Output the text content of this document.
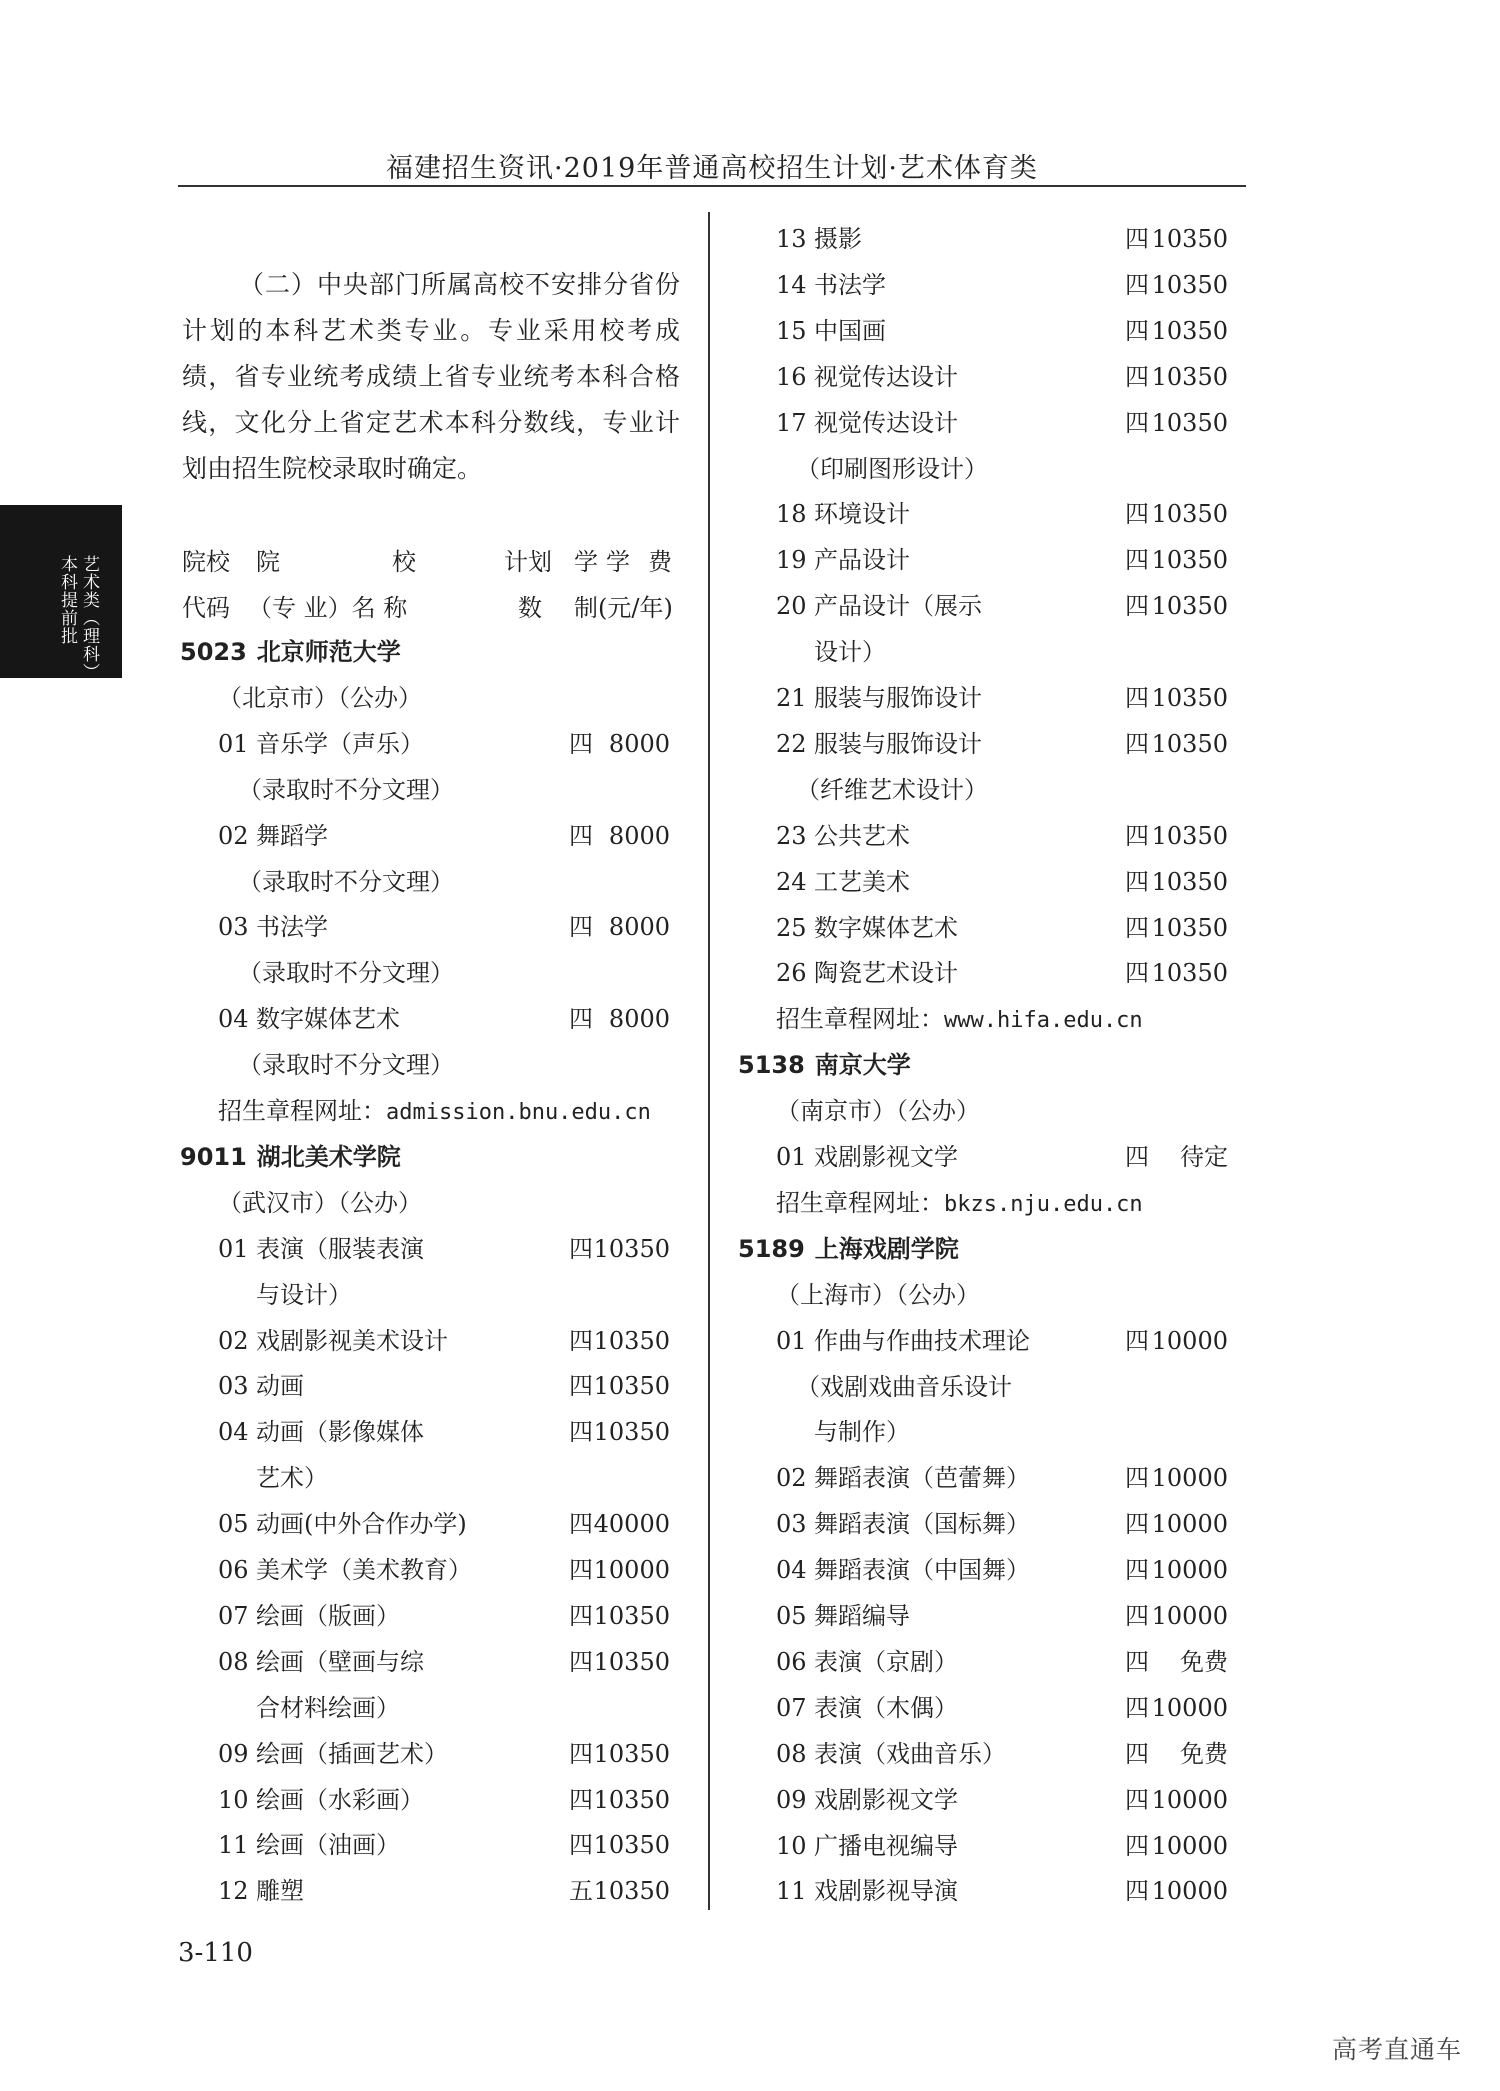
福建招生资讯·2019年普通高校招生计划·艺术体育类
艺术类（理科）
本科提前批
（二）中央部门所属高校不安排分省份计划的本科艺术类专业。专业采用校考成绩，省专业统考成绩上省专业统考本科合格线，文化分上省定艺术本科分数线，专业计划由招生院校录取时确定。
院校 院	校	计划 学 学 费
代码 （专 业）名 称	数 制(元/年)
5023 北京师范大学
（北京市）（公办）
01 音乐学（声乐）	四 8000
（录取时不分文理）
02 舞蹈学	四 8000
（录取时不分文理）
03 书法学	四 8000
（录取时不分文理）
04 数字媒体艺术	四 8000
（录取时不分文理）
招生章程网址：admission.bnu.edu.cn
9011 湖北美术学院
（武汉市）（公办）
01 表演（服装表演	四 10350
与设计）
02 戏剧影视美术设计	四 10350
03 动画	四 10350
04 动画（影像媒体	四 10350
艺术）
05 动画(中外合作办学)	四 40000
06 美术学（美术教育）	四 10000
07 绘画（版画）	四 10350
08 绘画（壁画与综	四 10350
合材料绘画）
09 绘画（插画艺术）	四 10350
10 绘画（水彩画）	四 10350
11 绘画（油画）	四 10350
12 雕塑	五 10350
13 摄影	四 10350
14 书法学	四 10350
15 中国画	四 10350
16 视觉传达设计	四 10350
17 视觉传达设计	四 10350
（印刷图形设计）
18 环境设计	四 10350
19 产品设计	四 10350
20 产品设计（展示	四 10350
设计）
21 服装与服饰设计	四 10350
22 服装与服饰设计	四 10350
（纤维艺术设计）
23 公共艺术	四 10350
24 工艺美术	四 10350
25 数字媒体艺术	四 10350
26 陶瓷艺术设计	四 10350
招生章程网址：www.hifa.edu.cn
5138 南京大学
（南京市）（公办）
01 戏剧影视文学	四	待定
招生章程网址：bkzs.nju.edu.cn
5189 上海戏剧学院
（上海市）（公办）
01 作曲与作曲技术理论	四 10000
（戏剧戏曲音乐设计
与制作）
02 舞蹈表演（芭蕾舞）	四 10000
03 舞蹈表演（国标舞）	四 10000
04 舞蹈表演（中国舞）	四 10000
05 舞蹈编导	四 10000
06 表演（京剧）	四	免费
07 表演（木偶）	四 10000
08 表演（戏曲音乐）	四	免费
09 戏剧影视文学	四 10000
10 广播电视编导	四 10000
11 戏剧影视导演	四 10000
3-110
高考直通车
